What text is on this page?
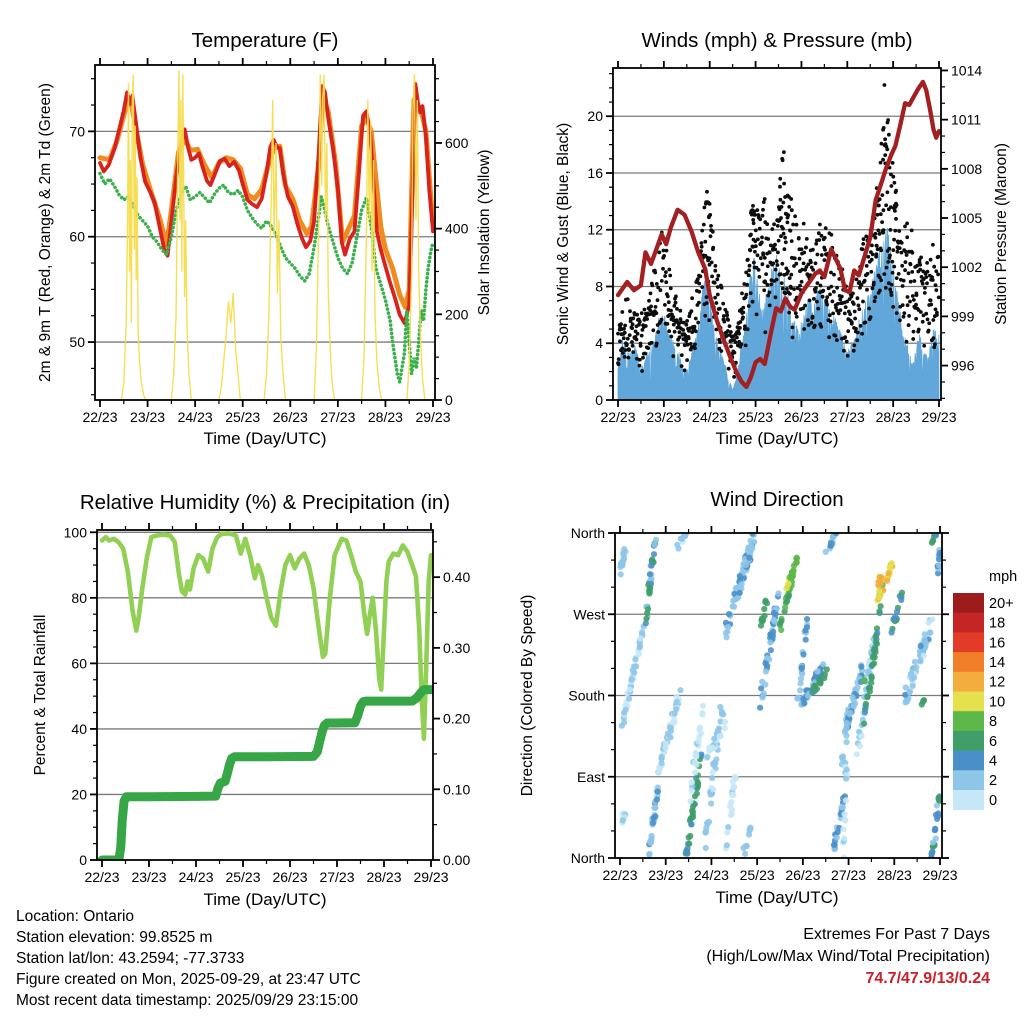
22/23 23/23 24/23 25/23 26/23 27/23 28/23 29/23
50
60
70
0
200
400
600
Temperature (F)
Time (Day/UTC)
2m & 9m T (Red, Orange) & 2m Td (Green)	Solar Insolation (Yellow)
22/23 23/23 24/23 25/23 26/23 27/23 28/23 29/23
0
4
8
12
16
20
996
999
1002
1005
1008
1011
1014
Winds (mph) & Pressure (mb)
Time (Day/UTC)
Sonic Wind & Gust (Blue, Black)	Station Pressure (Maroon)
22/23 23/23 24/23 25/23 26/23 27/23 28/23 29/23
0
20
40
60
80
100
0.00
0.10
0.20
0.30
0.40
Relative Humidity (%) & Precipitation (in)
Time (Day/UTC)
Percent & Total Rainfall
22/23 23/23 24/23 25/23 26/23 27/23 28/23 29/23
North
East
South
West
North
Wind Direction
Time (Day/UTC)
Direction (Colored By Speed)
mph
20+
18
16
14
12
10
8
6
4
2
0
Location: Ontario
Station elevation: 99.8525 m
Station lat/lon: 43.2594; -77.3733
Figure created on Mon, 2025-09-29, at 23:47 UTC
Most recent data timestamp: 2025/09/29 23:15:00
Extremes For Past 7 Days
(High/Low/Max Wind/Total Precipitation)
74.7/47.9/13/0.24
